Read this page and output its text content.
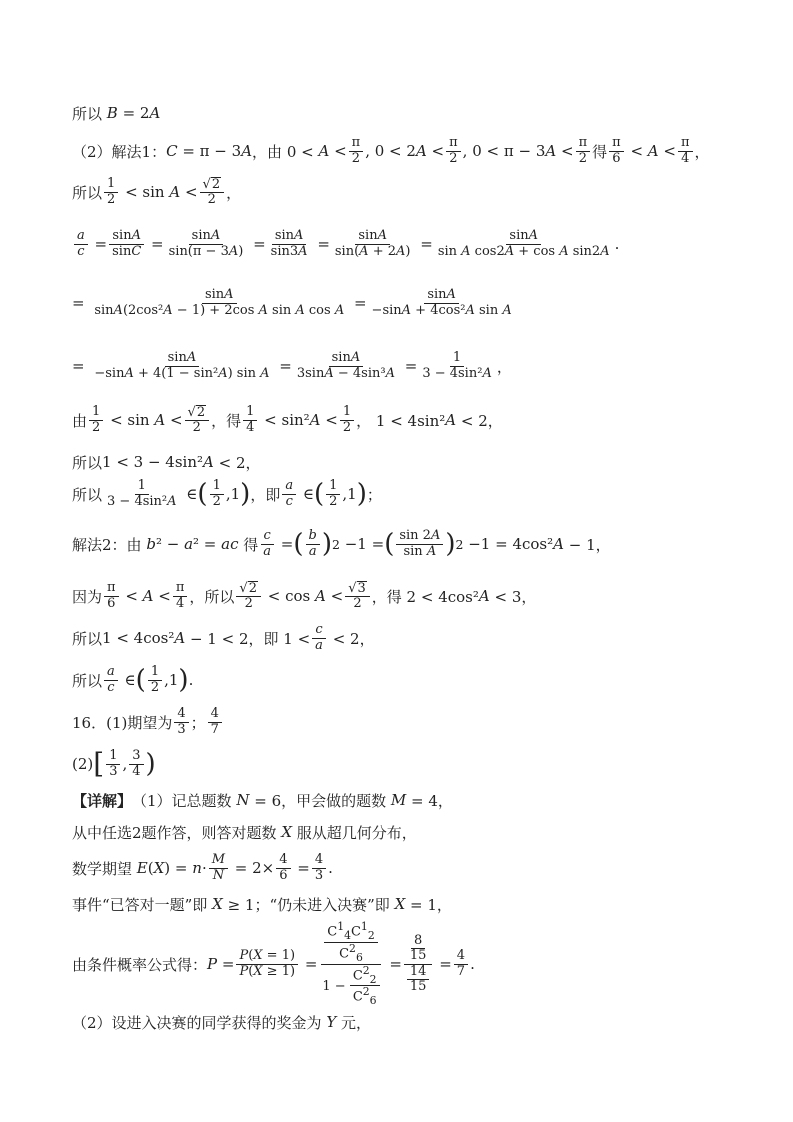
所以 B = 2 A
（2）解法1： C = π − 3 A ，由 $0 < A < \frac{\pi}{2}$ , 0 < 2 $A < \frac{\pi}{2}$ , 0 < π − 3 $A < \frac{\pi}{2}$ 得 $\frac{\pi}{6} < A < \frac{\pi}{4}$ ，
所以 $\frac{1}{2} < \sin A < \frac{√2}{2}$ ，
$\frac{a}{c} = \frac{\sin A}{\sin C} = \frac{\sin A}{\sin(\pi - 3A)} = \frac{\sin A}{\sin 3A} = \frac{\sin A}{\sin(A + 2A)} = \frac{\sin A}{\text{sin A cos2A + cos A sin2A}}$ .
= $\frac{\sin A}{\text{sinA(2cos²A − 1) + 2cos A sin A cos A}} = \frac{\sin A}{\text{−sinA + 4cos²A sin A}}$
= $\frac{\sin A}{\text{−sinA + 4(1 − sin²A) sin A}} = \frac{\sin A}{\text{3sinA − 4sin³A}} = \frac{1}{\text{3 − 4sin²A}}$ ，
由 $\frac{1}{2} < \sin A < \frac{√2}{2}$ ，得 $\frac{1}{4} < \sin^2$ $A < \frac{1}{2}$ ， 1 < 4sin² A < 2，
所以 1 < 3 − 4sin² A < 2，
所以 $\frac{1}{\text{3 − 4sin²A}}$ ∈ ( $\frac{1}{2} ,1$ ) ，即 $\frac{a}{c}$ ∈ ( $\frac{1}{2} ,1$ ) ；
解法2：由
b ² − a ² = ac 得 $\frac{c}{a}$ = ( $\frac{b}{a}$ ) 2 −1 = ( $\frac{\sin 2A}{\text{sin A}}$ ) 2 −1 = 4cos² A − 1，
因为 $\frac{\pi}{6} < A < \frac{\pi}{4}$ ，所以 $\frac{√2}{2} < \cos A < \frac{√3}{2}$ ，得 2 < 4cos² A < 3，
所以 1 < 4cos² A − 1 < 2，即 $1 < \frac{c}{a} < 2$，
所以 $\frac{a}{c}$ ∈ ( $\frac{1}{2} ,1$ ) .
16．(1)期望为 $\frac{4}{3}$ ； $\frac{4}{7}$
(2) [ $\frac{1}{3}$ , $\frac{3}{4}$ )
【详解】 （1）记总题数
N = 6，甲会做的题数 M = 4，
从中任选2题作答，则答对题数
X 服从超几何分布，
数学期望
E ( X ) = $n \cdot \frac{M}{N} = 2\times \frac{4}{6} = \frac{4}{3}$ .
事件“已答对一题”即
X ≥ 1；“仍未进入决赛”即 X = 1，
由条件概率公式得： $P = \frac{P(X = 1)}{P(X \ge 1)} = \frac{\frac{C^1_4C^1_2}{C^2_6}}{1 - \frac{C^2_2}{C^2_6}} = \frac{\frac{8}{15}}{\frac{14}{15}} = \frac{4}{7}$ .
（2）设进入决赛的同学获得的奖金为
Y 元，
